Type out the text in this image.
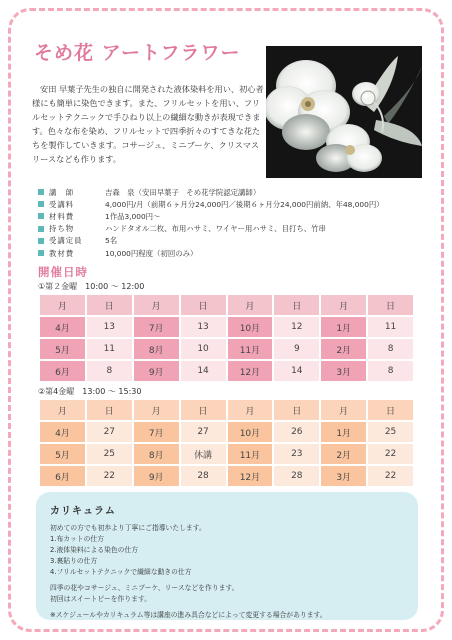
そめ花 アートフラワー

安田 早葉子先生の独自に開発された液体染料を用い、初心者様にも簡単に染色できます。また、フリルセットを用い、フリルセットテクニックで手ひねり以上の繊細な動きが表現できます。色々な布を染め、フリルセットで四季折々のすてきな花たちを製作していきます。コサージュ、ミニブーケ、クリスマスリースなども作ります。

講　師	吉森　泉（安田早葉子　そめ花学院認定講師）
受講料	4,000円/月（前期６ヶ月分24,000円／後期６ヶ月分24,000円前納、年48,000円）
材料費	1作品3,000円～
持ち物	ハンドタオル二枚、布用ハサミ、ワイヤー用ハサミ、目打ち、竹串
受講定員	5名
教材費	10,000円程度（初回のみ）
開催日時
①第２金曜　10:00 ～ 12:00
月	日	月	日	月	日	月	日
4月	13	7月	13	10月	12	1月	11
5月	11	8月	10	11月	9	2月	8
6月	8	9月	14	12月	14	3月	8
②第4金曜　13:00 ～ 15:30
月	日	月	日	月	日	月	日
4月	27	7月	27	10月	26	1月	25
5月	25	8月	休講	11月	23	2月	22
6月	22	9月	28	12月	28	3月	22
カリキュラム
初めての方でも初歩より丁寧にご指導いたします。
1.布カットの仕方
2.液体染料による染色の仕方
3.裏貼りの仕方
4.フリルセットテクニックで繊細な動きの仕方
四季の花やコサージュ、ミニブーケ、リースなどを作ります。
初回はスイートピーを作ります。
※スケジュールやカリキュラム等は講座の進み具合などによって変更する場合があります。
